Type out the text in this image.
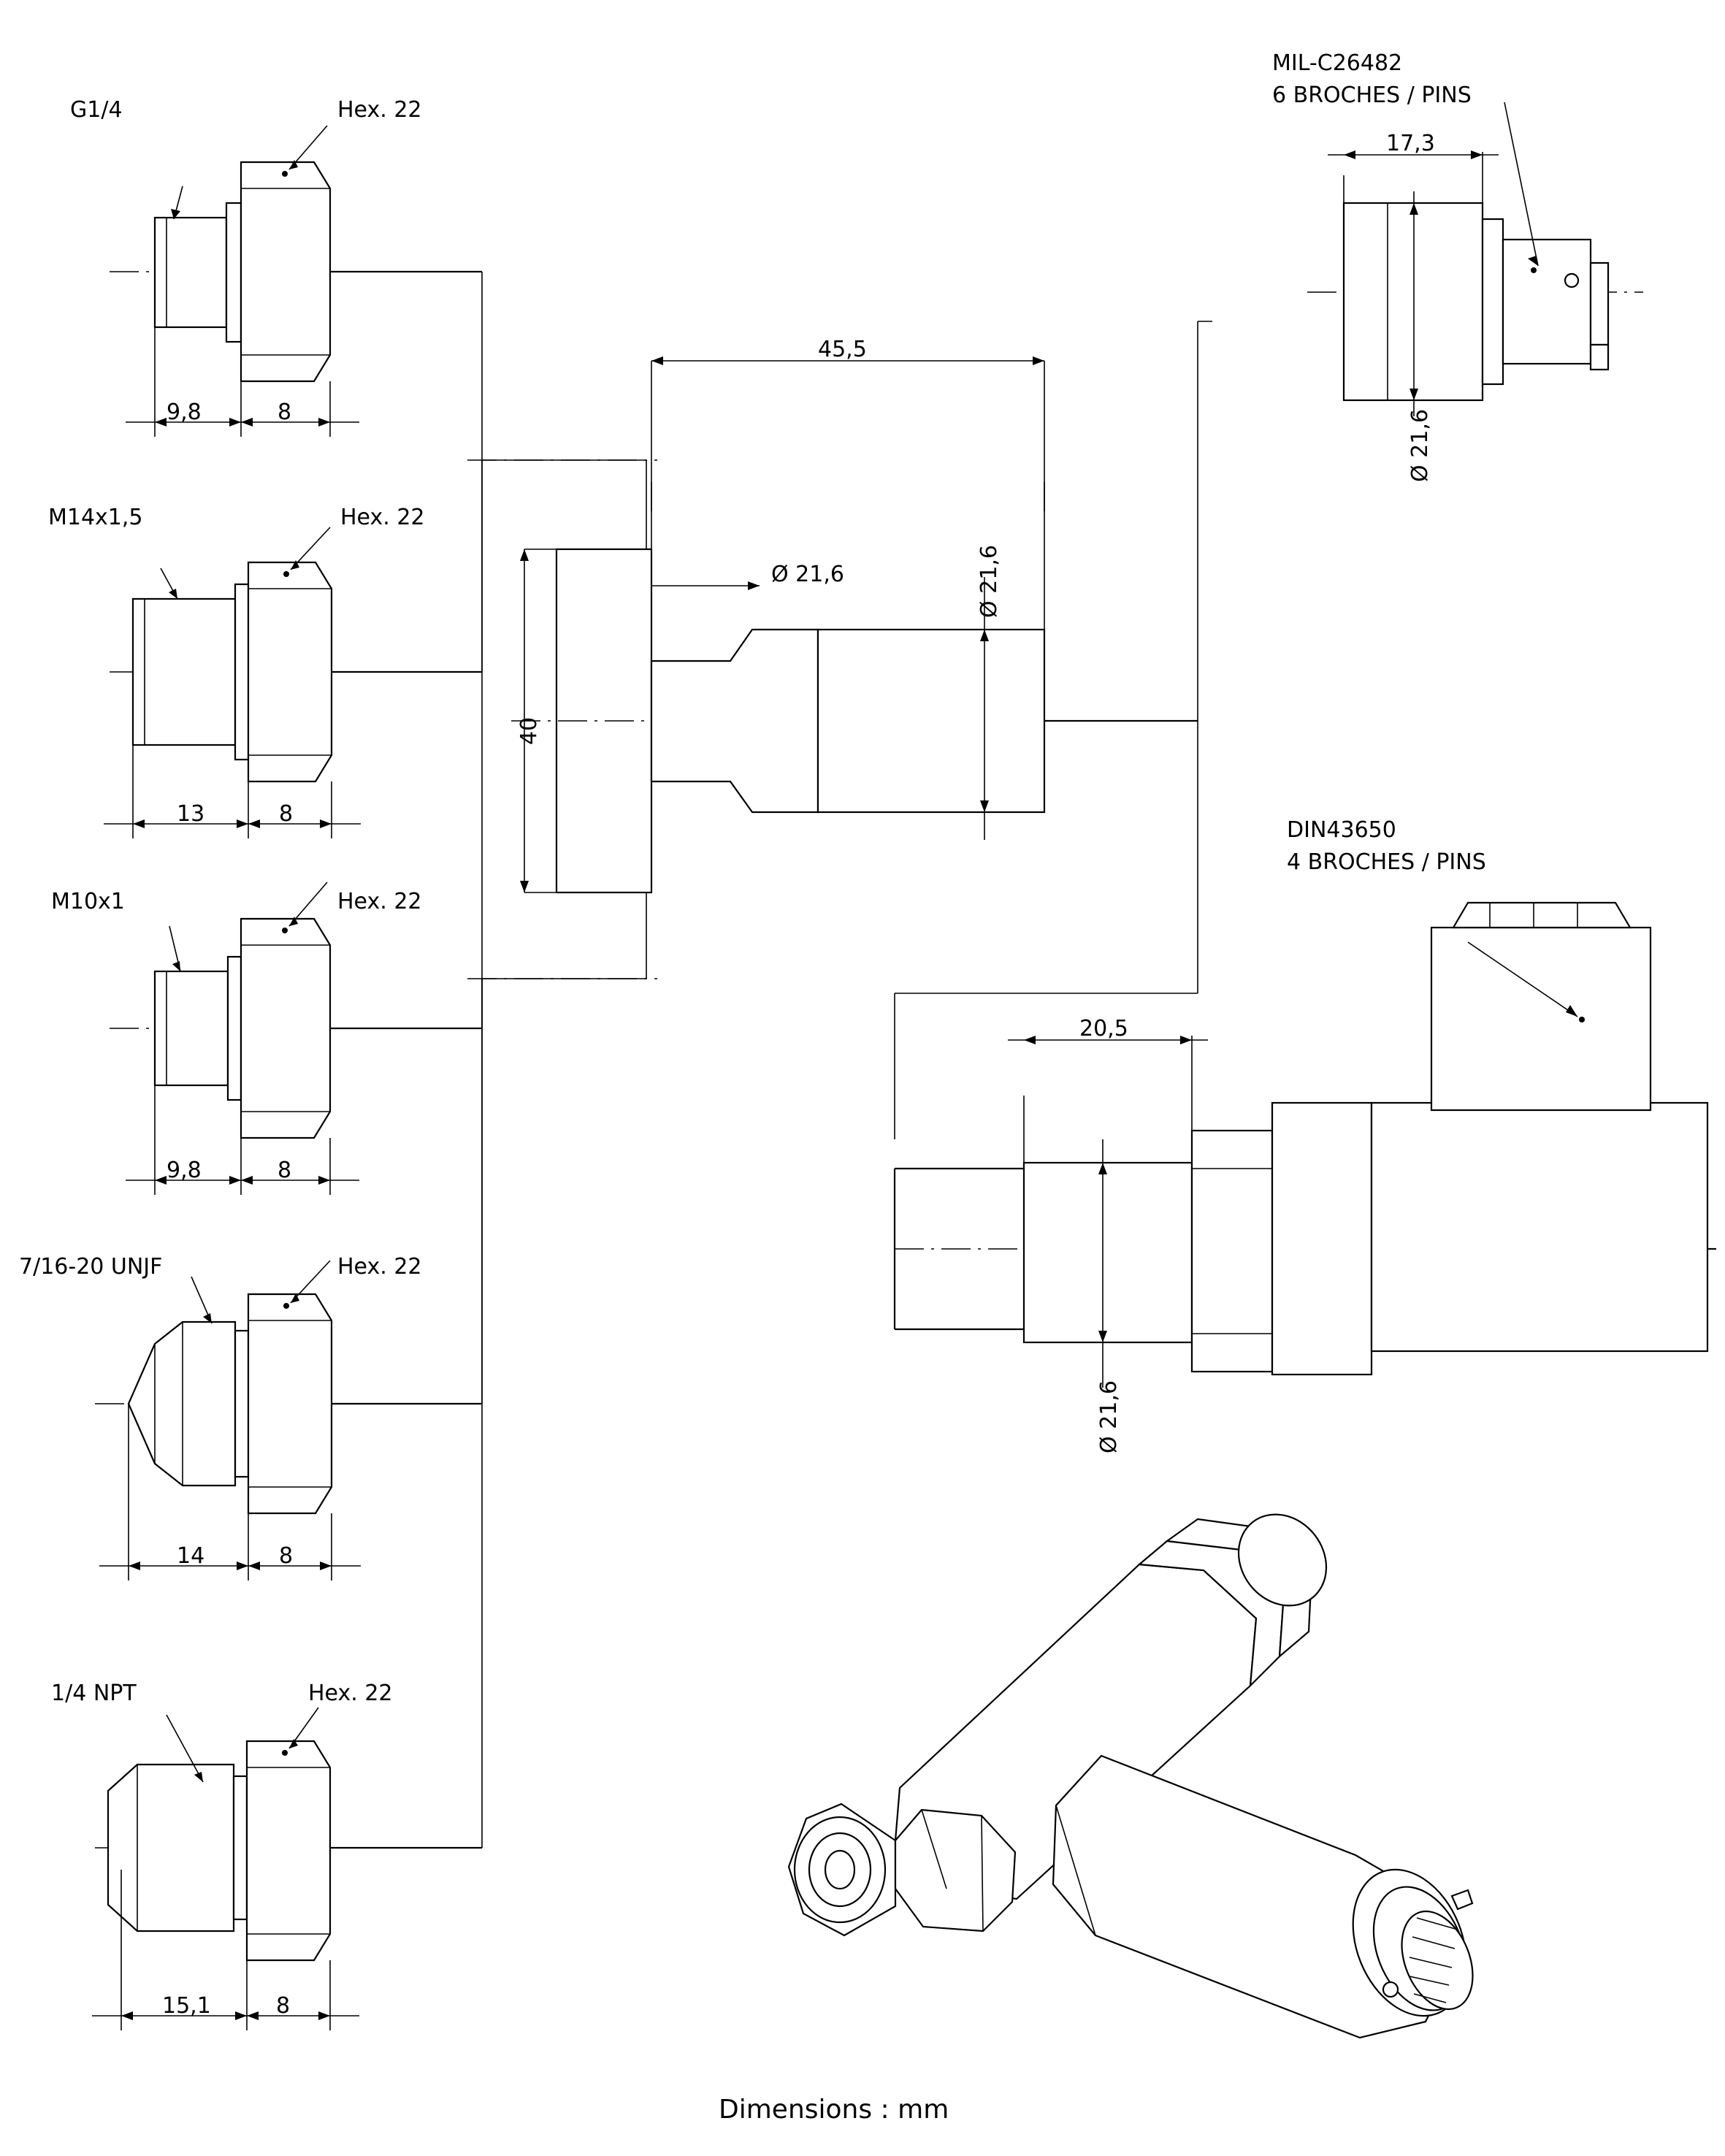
G1/4	Hex. 22
9,8	8
M14x1,5	Hex. 22
13	8
M10x1	Hex. 22
9,8	8
7/16-20 UNJF	Hex. 22
14	8
1/4 NPT	Hex. 22
15,1	8
45,5
40
Ø 21,6	Ø 21,6
MIL-C26482
6 BROCHES / PINS
17,3
Ø 21,6
DIN43650
4 BROCHES / PINS
20,5
Ø 21,6
Dimensions : mm
